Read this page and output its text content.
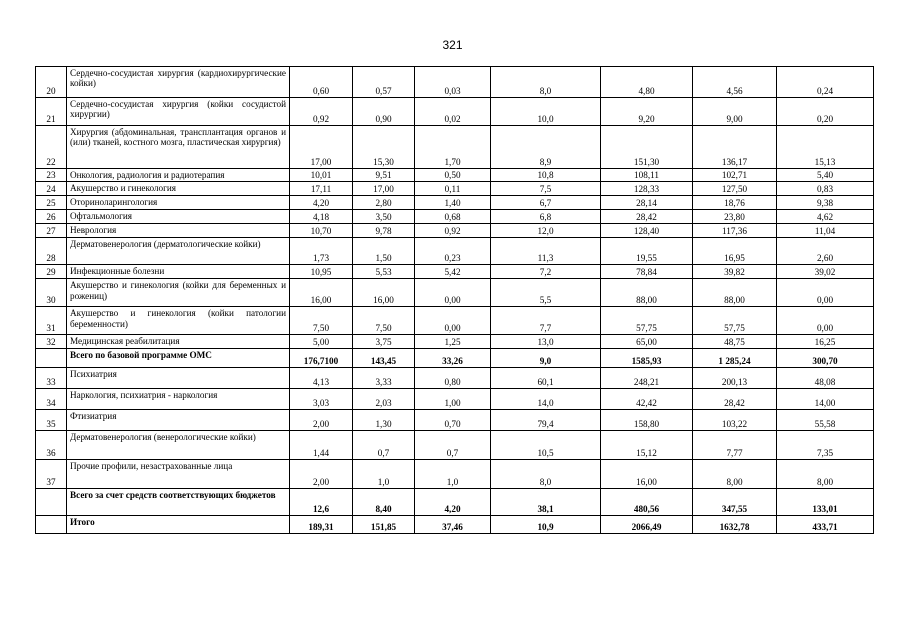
321
20	Сердечно-сосудистая хирургия (кардиохирургические койки)	0,60	0,57	0,03	8,0	4,80	4,56	0,24
21	Сердечно-сосудистая хирургия (койки сосудистой хирургии)	0,92	0,90	0,02	10,0	9,20	9,00	0,20
22	Хирургия (абдоминальная, трансплантация органов и (или) тканей, костного мозга, пластическая хирургия)	17,00	15,30	1,70	8,9	151,30	136,17	15,13
23	Онкология, радиология и радиотерапия	10,01	9,51	0,50	10,8	108,11	102,71	5,40
24	Акушерство и гинекология	17,11	17,00	0,11	7,5	128,33	127,50	0,83
25	Оториноларингология	4,20	2,80	1,40	6,7	28,14	18,76	9,38
26	Офтальмология	4,18	3,50	0,68	6,8	28,42	23,80	4,62
27	Неврология	10,70	9,78	0,92	12,0	128,40	117,36	11,04
28	Дерматовенерология (дерматологические койки)	1,73	1,50	0,23	11,3	19,55	16,95	2,60
29	Инфекционные болезни	10,95	5,53	5,42	7,2	78,84	39,82	39,02
30	Акушерство и гинекология (койки для беременных и рожениц)	16,00	16,00	0,00	5,5	88,00	88,00	0,00
31	Акушерство и гинекология (койки патологии беременности)	7,50	7,50	0,00	7,7	57,75	57,75	0,00
32	Медицинская реабилитация	5,00	3,75	1,25	13,0	65,00	48,75	16,25
	Всего по базовой программе ОМС	176,7100	143,45	33,26	9,0	1585,93	1 285,24	300,70
33	Психиатрия	4,13	3,33	0,80	60,1	248,21	200,13	48,08
34	Наркология, психиатрия - наркология	3,03	2,03	1,00	14,0	42,42	28,42	14,00
35	Фтизиатрия	2,00	1,30	0,70	79,4	158,80	103,22	55,58
36	Дерматовенерология (венерологические койки)	1,44	0,7	0,7	10,5	15,12	7,77	7,35
37	Прочие профили, незастрахованные лица	2,00	1,0	1,0	8,0	16,00	8,00	8,00
	Всего за счет средств соответствующих бюджетов	12,6	8,40	4,20	38,1	480,56	347,55	133,01
	Итого	189,31	151,85	37,46	10,9	2066,49	1632,78	433,71
